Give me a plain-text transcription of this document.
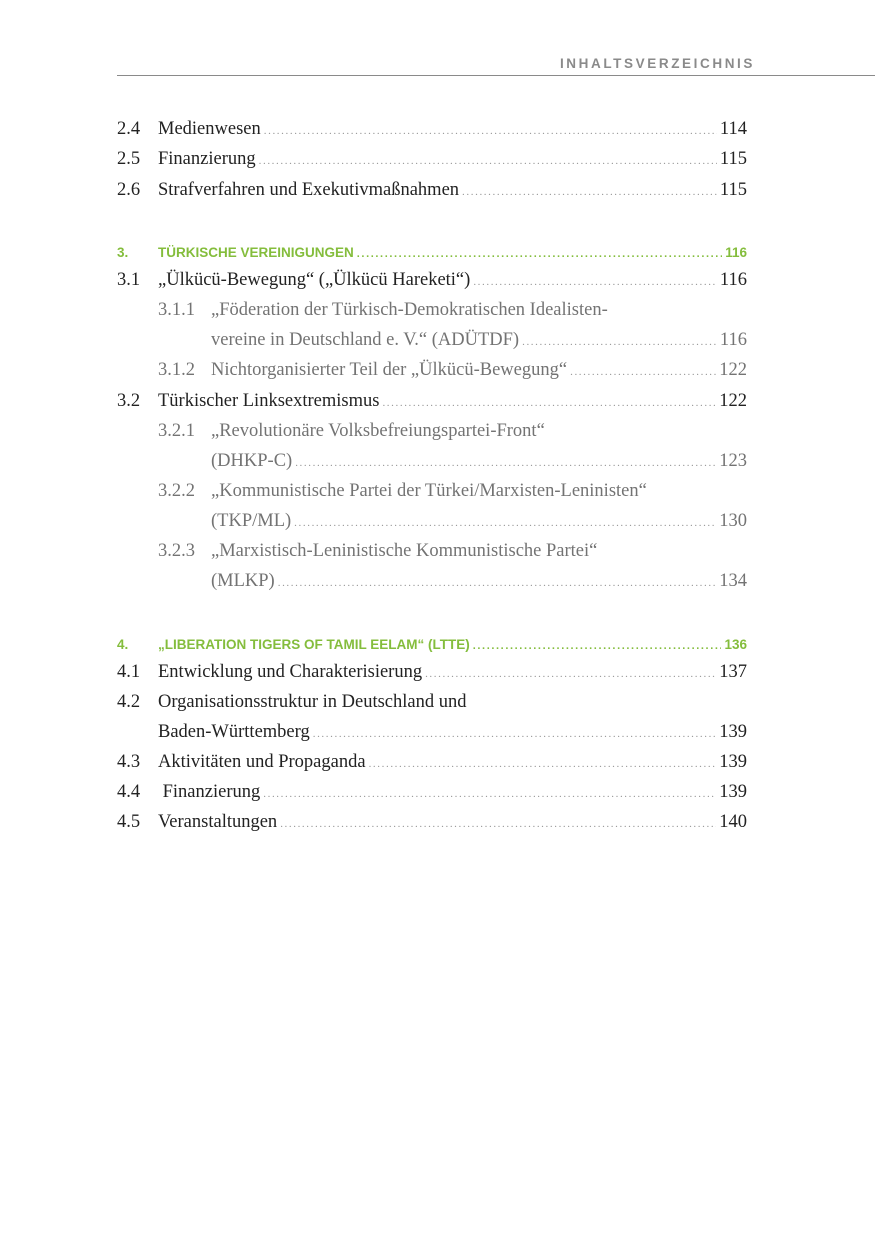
INHALTSVERZEICHNIS
2.4 Medienwesen .....	114
2.5 Finanzierung .....	115
2.6 Strafverfahren und Exekutivmaßnahmen .....	115
3.	TÜRKISCHE VEREINIGUNGEN .....	116
3.1 „Ülkücü-Bewegung“ („Ülkücü Hareketi“) .....	116
3.1.1 „Föderation der Türkisch-Demokratischen Idealisten-
vereine in Deutschland e. V.“ (ADÜTDF) .....	116
3.1.2 Nichtorganisierter Teil der „Ülkücü-Bewegung“ .....	122
3.2 Türkischer Linksextremismus .....	122
3.2.1 „Revolutionäre Volksbefreiungspartei-Front“
(DHKP-C) .....	123
3.2.2 „Kommunistische Partei der Türkei/Marxisten-Leninisten“
(TKP/ML) .....	130
3.2.3 „Marxistisch-Leninistische Kommunistische Partei“
(MLKP) .....	134
4.	„LIBERATION TIGERS OF TAMIL EELAM“ (LTTE) .....	136
4.1 Entwicklung und Charakterisierung .....	137
4.2 Organisationsstruktur in Deutschland und
Baden-Württemberg .....	139
4.3 Aktivitäten und Propaganda .....	139
4.4 Finanzierung .....	139
4.5 Veranstaltungen .....	140
